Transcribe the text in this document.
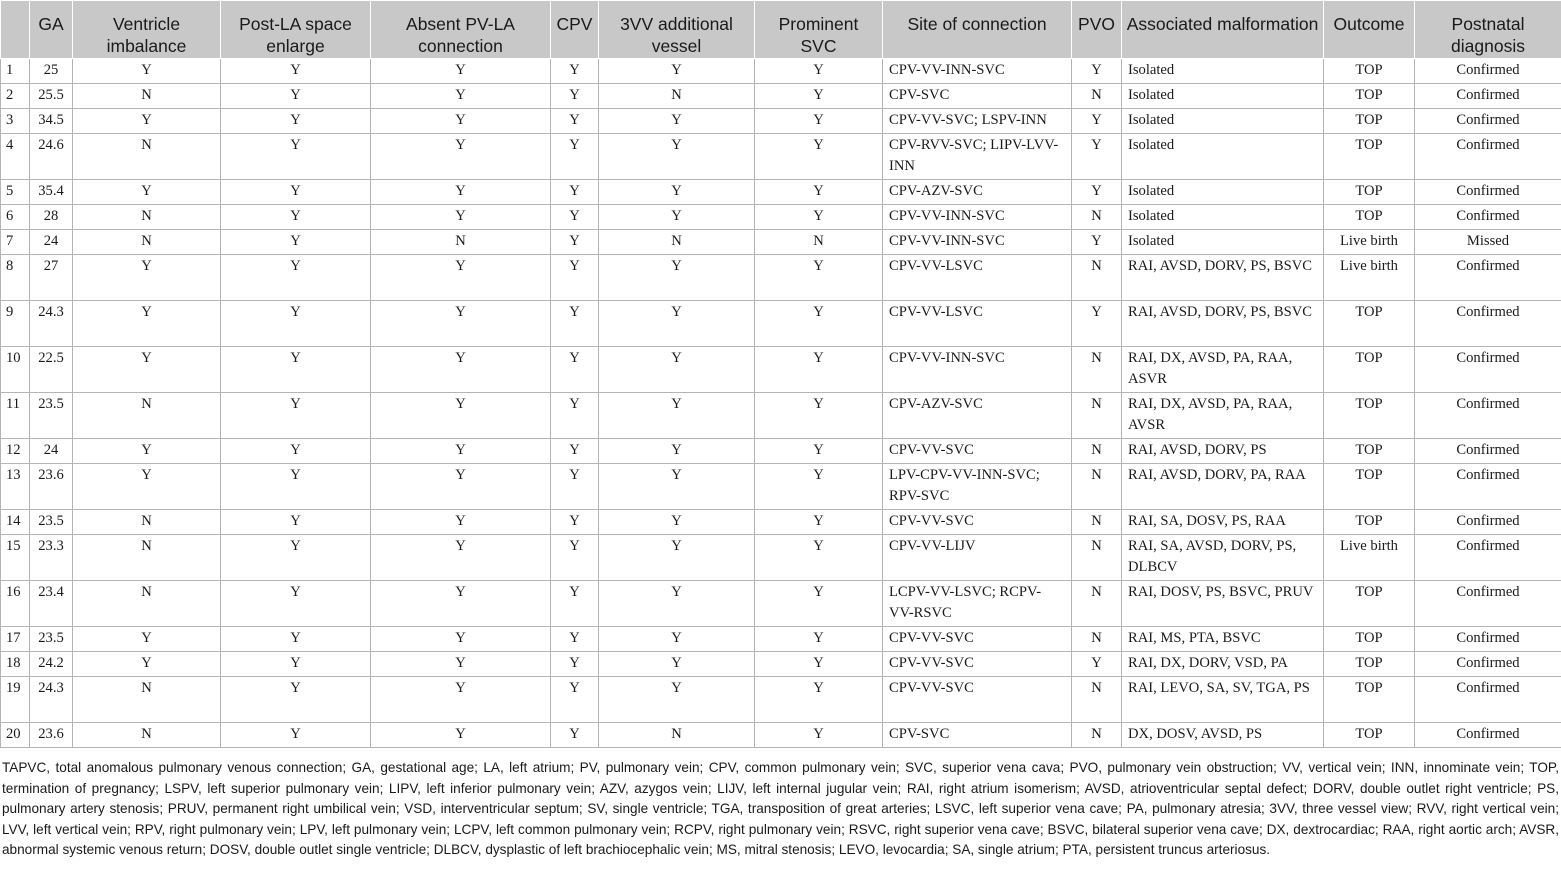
	GA	Ventricle imbalance	Post-LA space enlarge	Absent PV-LA connection	CPV	3VV additional vessel	Prominent SVC	Site of connection	PVO	Associated malformation	Outcome	Postnatal diagnosis
1	25	Y	Y	Y	Y	Y	Y	CPV-VV-INN-SVC	Y	Isolated	TOP	Confirmed
2	25.5	N	Y	Y	Y	N	Y	CPV-SVC	N	Isolated	TOP	Confirmed
3	34.5	Y	Y	Y	Y	Y	Y	CPV-VV-SVC; LSPV-INN	Y	Isolated	TOP	Confirmed
4	24.6	N	Y	Y	Y	Y	Y	CPV-RVV-SVC; LIPV-LVV-INN	Y	Isolated	TOP	Confirmed
5	35.4	Y	Y	Y	Y	Y	Y	CPV-AZV-SVC	Y	Isolated	TOP	Confirmed
6	28	N	Y	Y	Y	Y	Y	CPV-VV-INN-SVC	N	Isolated	TOP	Confirmed
7	24	N	Y	N	Y	N	N	CPV-VV-INN-SVC	Y	Isolated	Live birth	Missed
8	27	Y	Y	Y	Y	Y	Y	CPV-VV-LSVC	N	RAI, AVSD, DORV, PS, BSVC	Live birth	Confirmed
9	24.3	Y	Y	Y	Y	Y	Y	CPV-VV-LSVC	Y	RAI, AVSD, DORV, PS, BSVC	TOP	Confirmed
10	22.5	Y	Y	Y	Y	Y	Y	CPV-VV-INN-SVC	N	RAI, DX, AVSD, PA, RAA, ASVR	TOP	Confirmed
11	23.5	N	Y	Y	Y	Y	Y	CPV-AZV-SVC	N	RAI, DX, AVSD, PA, RAA, AVSR	TOP	Confirmed
12	24	Y	Y	Y	Y	Y	Y	CPV-VV-SVC	N	RAI, AVSD, DORV, PS	TOP	Confirmed
13	23.6	Y	Y	Y	Y	Y	Y	LPV-CPV-VV-INN-SVC; RPV-SVC	N	RAI, AVSD, DORV, PA, RAA	TOP	Confirmed
14	23.5	N	Y	Y	Y	Y	Y	CPV-VV-SVC	N	RAI, SA, DOSV, PS, RAA	TOP	Confirmed
15	23.3	N	Y	Y	Y	Y	Y	CPV-VV-LIJV	N	RAI, SA, AVSD, DORV, PS, DLBCV	Live birth	Confirmed
16	23.4	N	Y	Y	Y	Y	Y	LCPV-VV-LSVC; RCPV-VV-RSVC	N	RAI, DOSV, PS, BSVC, PRUV	TOP	Confirmed
17	23.5	Y	Y	Y	Y	Y	Y	CPV-VV-SVC	N	RAI, MS, PTA, BSVC	TOP	Confirmed
18	24.2	Y	Y	Y	Y	Y	Y	CPV-VV-SVC	Y	RAI, DX, DORV, VSD, PA	TOP	Confirmed
19	24.3	N	Y	Y	Y	Y	Y	CPV-VV-SVC	N	RAI, LEVO, SA, SV, TGA, PS	TOP	Confirmed
20	23.6	N	Y	Y	Y	N	Y	CPV-SVC	N	DX, DOSV, AVSD, PS	TOP	Confirmed
TAPVC, total anomalous pulmonary venous connection; GA, gestational age; LA, left atrium; PV, pulmonary vein; CPV, common pulmonary vein; SVC, superior vena cava; PVO, pulmonary vein obstruction; VV, vertical vein; INN, innominate vein; TOP, termination of pregnancy; LSPV, left superior pulmonary vein; LIPV, left inferior pulmonary vein; AZV, azygos vein; LIJV, left internal jugular vein; RAI, right atrium isomerism; AVSD, atrioventricular septal defect; DORV, double outlet right ventricle; PS, pulmonary artery stenosis; PRUV, permanent right umbilical vein; VSD, interventricular septum; SV, single ventricle; TGA, transposition of great arteries; LSVC, left superior vena cave; PA, pulmonary atresia; 3VV, three vessel view; RVV, right vertical vein; LVV, left vertical vein; RPV, right pulmonary vein; LPV, left pulmonary vein; LCPV, left common pulmonary vein; RCPV, right pulmonary vein; RSVC, right superior vena cave; BSVC, bilateral superior vena cave; DX, dextrocardiac; RAA, right aortic arch; AVSR, abnormal systemic venous return; DOSV, double outlet single ventricle; DLBCV, dysplastic of left brachiocephalic vein; MS, mitral stenosis; LEVO, levocardia; SA, single atrium; PTA, persistent truncus arteriosus.
